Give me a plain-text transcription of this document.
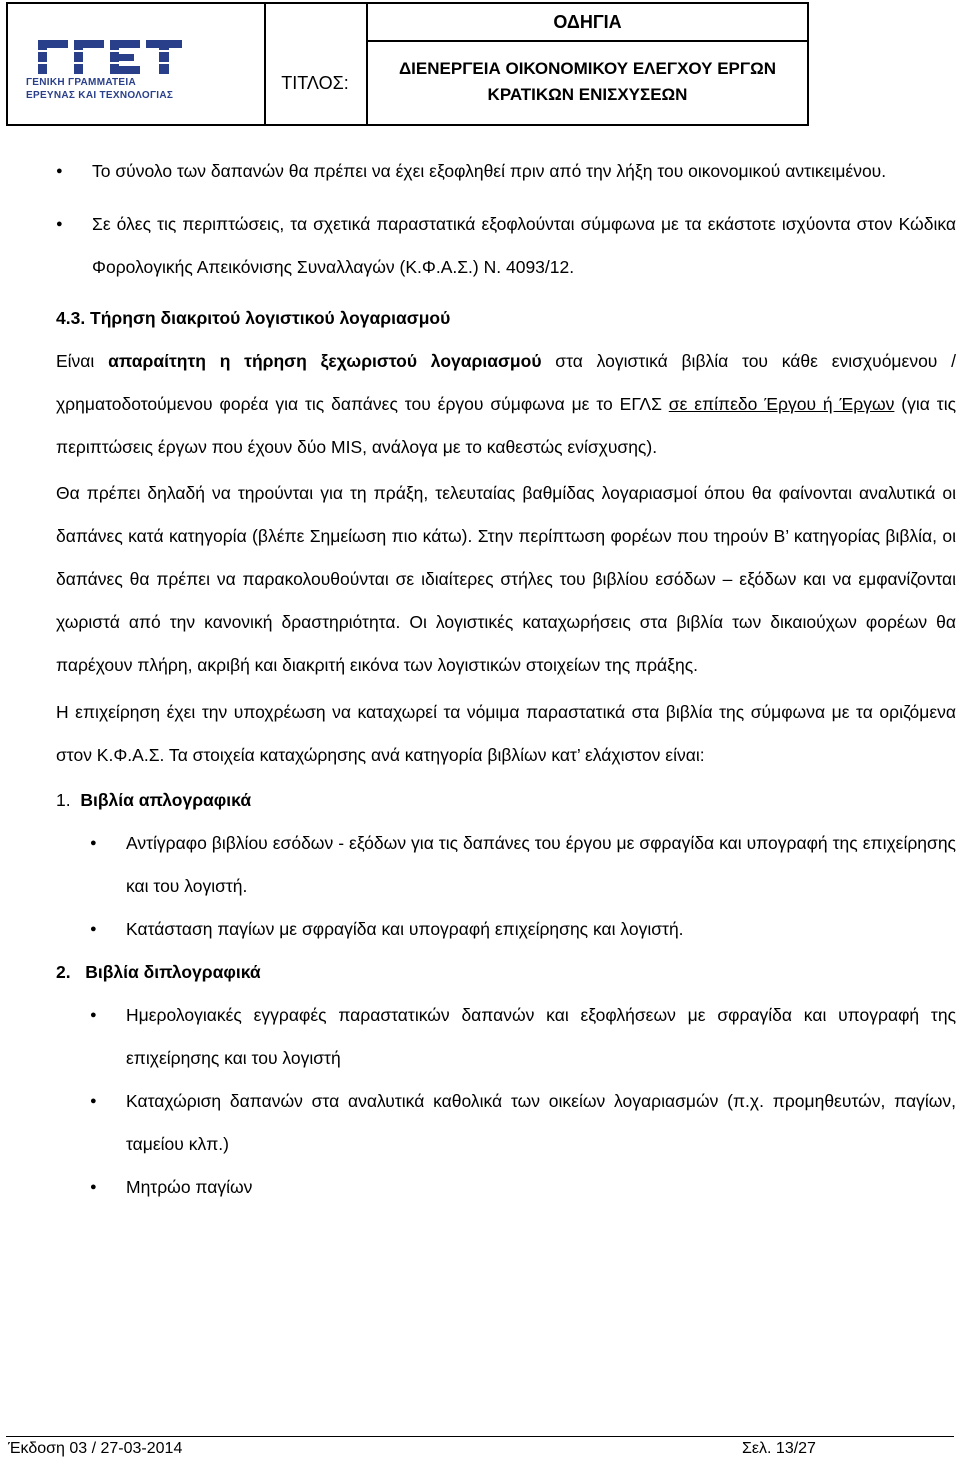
ΓΕΝΙΚΗ ΓΡΑΜΜΑΤΕΙΑ
ΕΡΕΥΝΑΣ ΚΑΙ ΤΕΧΝΟΛΟΓΙΑΣ
ΤΙΤΛΟΣ:
ΟΔΗΓΙΑ
ΔΙΕΝΕΡΓΕΙΑ ΟΙΚΟΝΟΜΙΚΟΥ ΕΛΕΓΧΟΥ ΕΡΓΩΝ
ΚΡΑΤΙΚΩΝ ΕΝΙΣΧΥΣΕΩΝ

● Το σύνολο των δαπανών θα πρέπει να έχει εξοφληθεί πριν από την λήξη του οικονομικού αντικειμένου.

● Σε όλες τις περιπτώσεις, τα σχετικά παραστατικά εξοφλούνται σύμφωνα με τα εκάστοτε ισχύοντα στον Κώδικα Φορολογικής Απεικόνισης Συναλλαγών (Κ.Φ.Α.Σ.) Ν. 4093/12.

4.3. Τήρηση διακριτού λογιστικού λογαριασμού

Είναι απαραίτητη η τήρηση ξεχωριστού λογαριασμού στα λογιστικά βιβλία του κάθε ενισχυόμενου / χρηματοδοτούμενου φορέα για τις δαπάνες του έργου σύμφωνα με το ΕΓΛΣ σε επίπεδο Έργου ή Έργων (για τις περιπτώσεις έργων που έχουν δύο MIS, ανάλογα με το καθεστώς ενίσχυσης).

Θα πρέπει δηλαδή να τηρούνται για τη πράξη, τελευταίας βαθμίδας λογαριασμοί όπου θα φαίνονται αναλυτικά οι δαπάνες κατά κατηγορία (βλέπε Σημείωση πιο κάτω). Στην περίπτωση φορέων που τηρούν Β’ κατηγορίας βιβλία, οι δαπάνες θα πρέπει να παρακολουθούνται σε ιδιαίτερες στήλες του βιβλίου εσόδων – εξόδων και να εμφανίζονται χωριστά από την κανονική δραστηριότητα. Οι λογιστικές καταχωρήσεις στα βιβλία των δικαιούχων φορέων θα παρέχουν πλήρη, ακριβή και διακριτή εικόνα των λογιστικών στοιχείων της πράξης.

Η επιχείρηση έχει την υποχρέωση να καταχωρεί τα νόμιμα παραστατικά στα βιβλία της σύμφωνα με τα οριζόμενα στον Κ.Φ.Α.Σ. Τα στοιχεία καταχώρησης ανά κατηγορία βιβλίων κατ’ ελάχιστον είναι:

1. Βιβλία απλογραφικά

● Αντίγραφο βιβλίου εσόδων - εξόδων για τις δαπάνες του έργου με σφραγίδα και υπογραφή της επιχείρησης και του λογιστή.

● Κατάσταση παγίων με σφραγίδα και υπογραφή επιχείρησης και λογιστή.

2. Βιβλία διπλογραφικά

● Ημερολογιακές εγγραφές παραστατικών δαπανών και εξοφλήσεων με σφραγίδα και υπογραφή της επιχείρησης και του λογιστή

● Καταχώριση δαπανών στα αναλυτικά καθολικά των οικείων λογαριασμών (π.χ. προμηθευτών, παγίων, ταμείου κλπ.)

● Μητρώο παγίων

Έκδοση 03 / 27-03-2014	Σελ. 13/27
